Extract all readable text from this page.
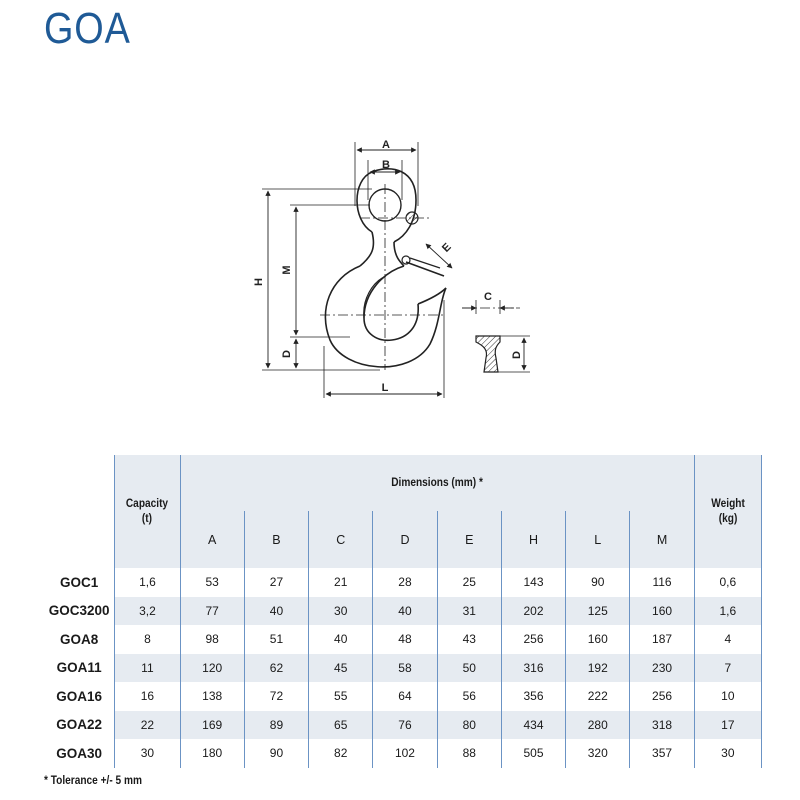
GOA
A
B
C
D
D
E
H
M
L
	Capacity
(t)	Dimensions (mm) *								Weight
(kg)
		A	B	C	D	E	H	L	M	
GOC1	1,6	53	27	21	28	25	143	90	116	0,6
GOC3200	3,2	77	40	30	40	31	202	125	160	1,6
GOA8	8	98	51	40	48	43	256	160	187	4
GOA11	11	120	62	45	58	50	316	192	230	7
GOA16	16	138	72	55	64	56	356	222	256	10
GOA22	22	169	89	65	76	80	434	280	318	17
GOA30	30	180	90	82	102	88	505	320	357	30
* Tolerance +/- 5 mm
